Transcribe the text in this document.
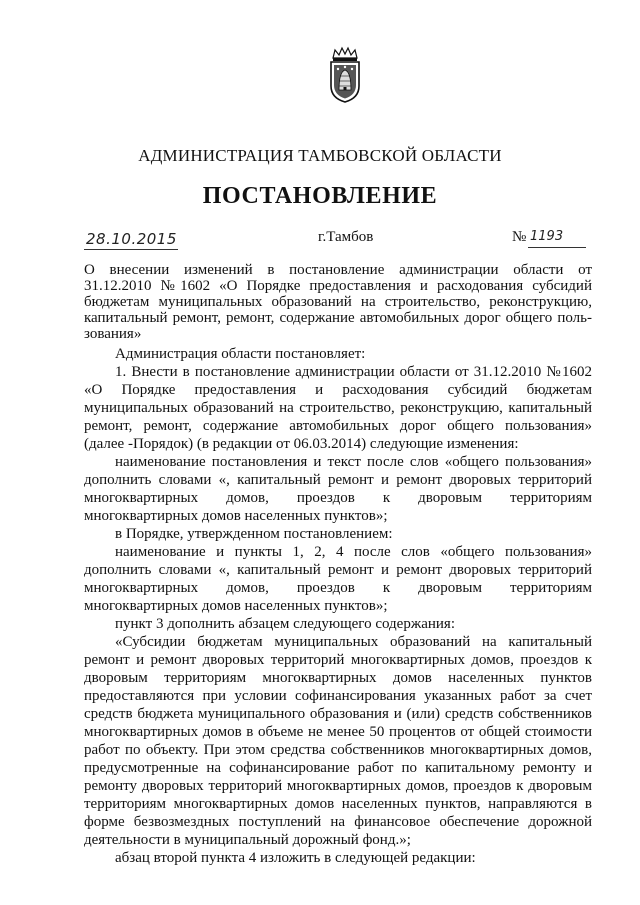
АДМИНИСТРАЦИЯ ТАМБОВСКОЙ ОБЛАСТИ
ПОСТАНОВЛЕНИЕ
28.10.2015	г.Тамбов	№ 1193
О внесении изменений в постановление администрации области от
31.12.2010 №1602 «О Порядке предоставления и расходования субсидий
бюджетам муниципальных образований на строительство, реконструкцию,
капитальный ремонт, ремонт, содержание автомобильных дорог общего поль-
зования»
Администрация области постановляет:
1. Внести в постановление администрации области от 31.12.2010 №1602
«О Порядке предоставления и расходования субсидий бюджетам
муниципальных образований на строительство, реконструкцию, капитальный
ремонт, ремонт, содержание автомобильных дорог общего пользования»
(далее -Порядок) (в редакции от 06.03.2014) следующие изменения:
наименование постановления и текст после слов «общего пользования»
дополнить словами «, капитальный ремонт и ремонт дворовых территорий
многоквартирных домов, проездов к дворовым территориям
многоквартирных домов населенных пунктов»;
в Порядке, утвержденном постановлением:
наименование и пункты 1, 2, 4 после слов «общего пользования»
дополнить словами «, капитальный ремонт и ремонт дворовых территорий
многоквартирных домов, проездов к дворовым территориям
многоквартирных домов населенных пунктов»;
пункт 3 дополнить абзацем следующего содержания:
«Субсидии бюджетам муниципальных образований на капитальный
ремонт и ремонт дворовых территорий многоквартирных домов, проездов к
дворовым территориям многоквартирных домов населенных пунктов
предоставляются при условии софинансирования указанных работ за счет
средств бюджета муниципального образования и (или) средств собственников
многоквартирных домов в объеме не менее 50 процентов от общей стоимости
работ по объекту. При этом средства собственников многоквартирных домов,
предусмотренные на софинансирование работ по капитальному ремонту и
ремонту дворовых территорий многоквартирных домов, проездов к дворовым
территориям многоквартирных домов населенных пунктов, направляются в
форме безвозмездных поступлений на финансовое обеспечение дорожной
деятельности в муниципальный дорожный фонд.»;
абзац второй пункта 4 изложить в следующей редакции:
